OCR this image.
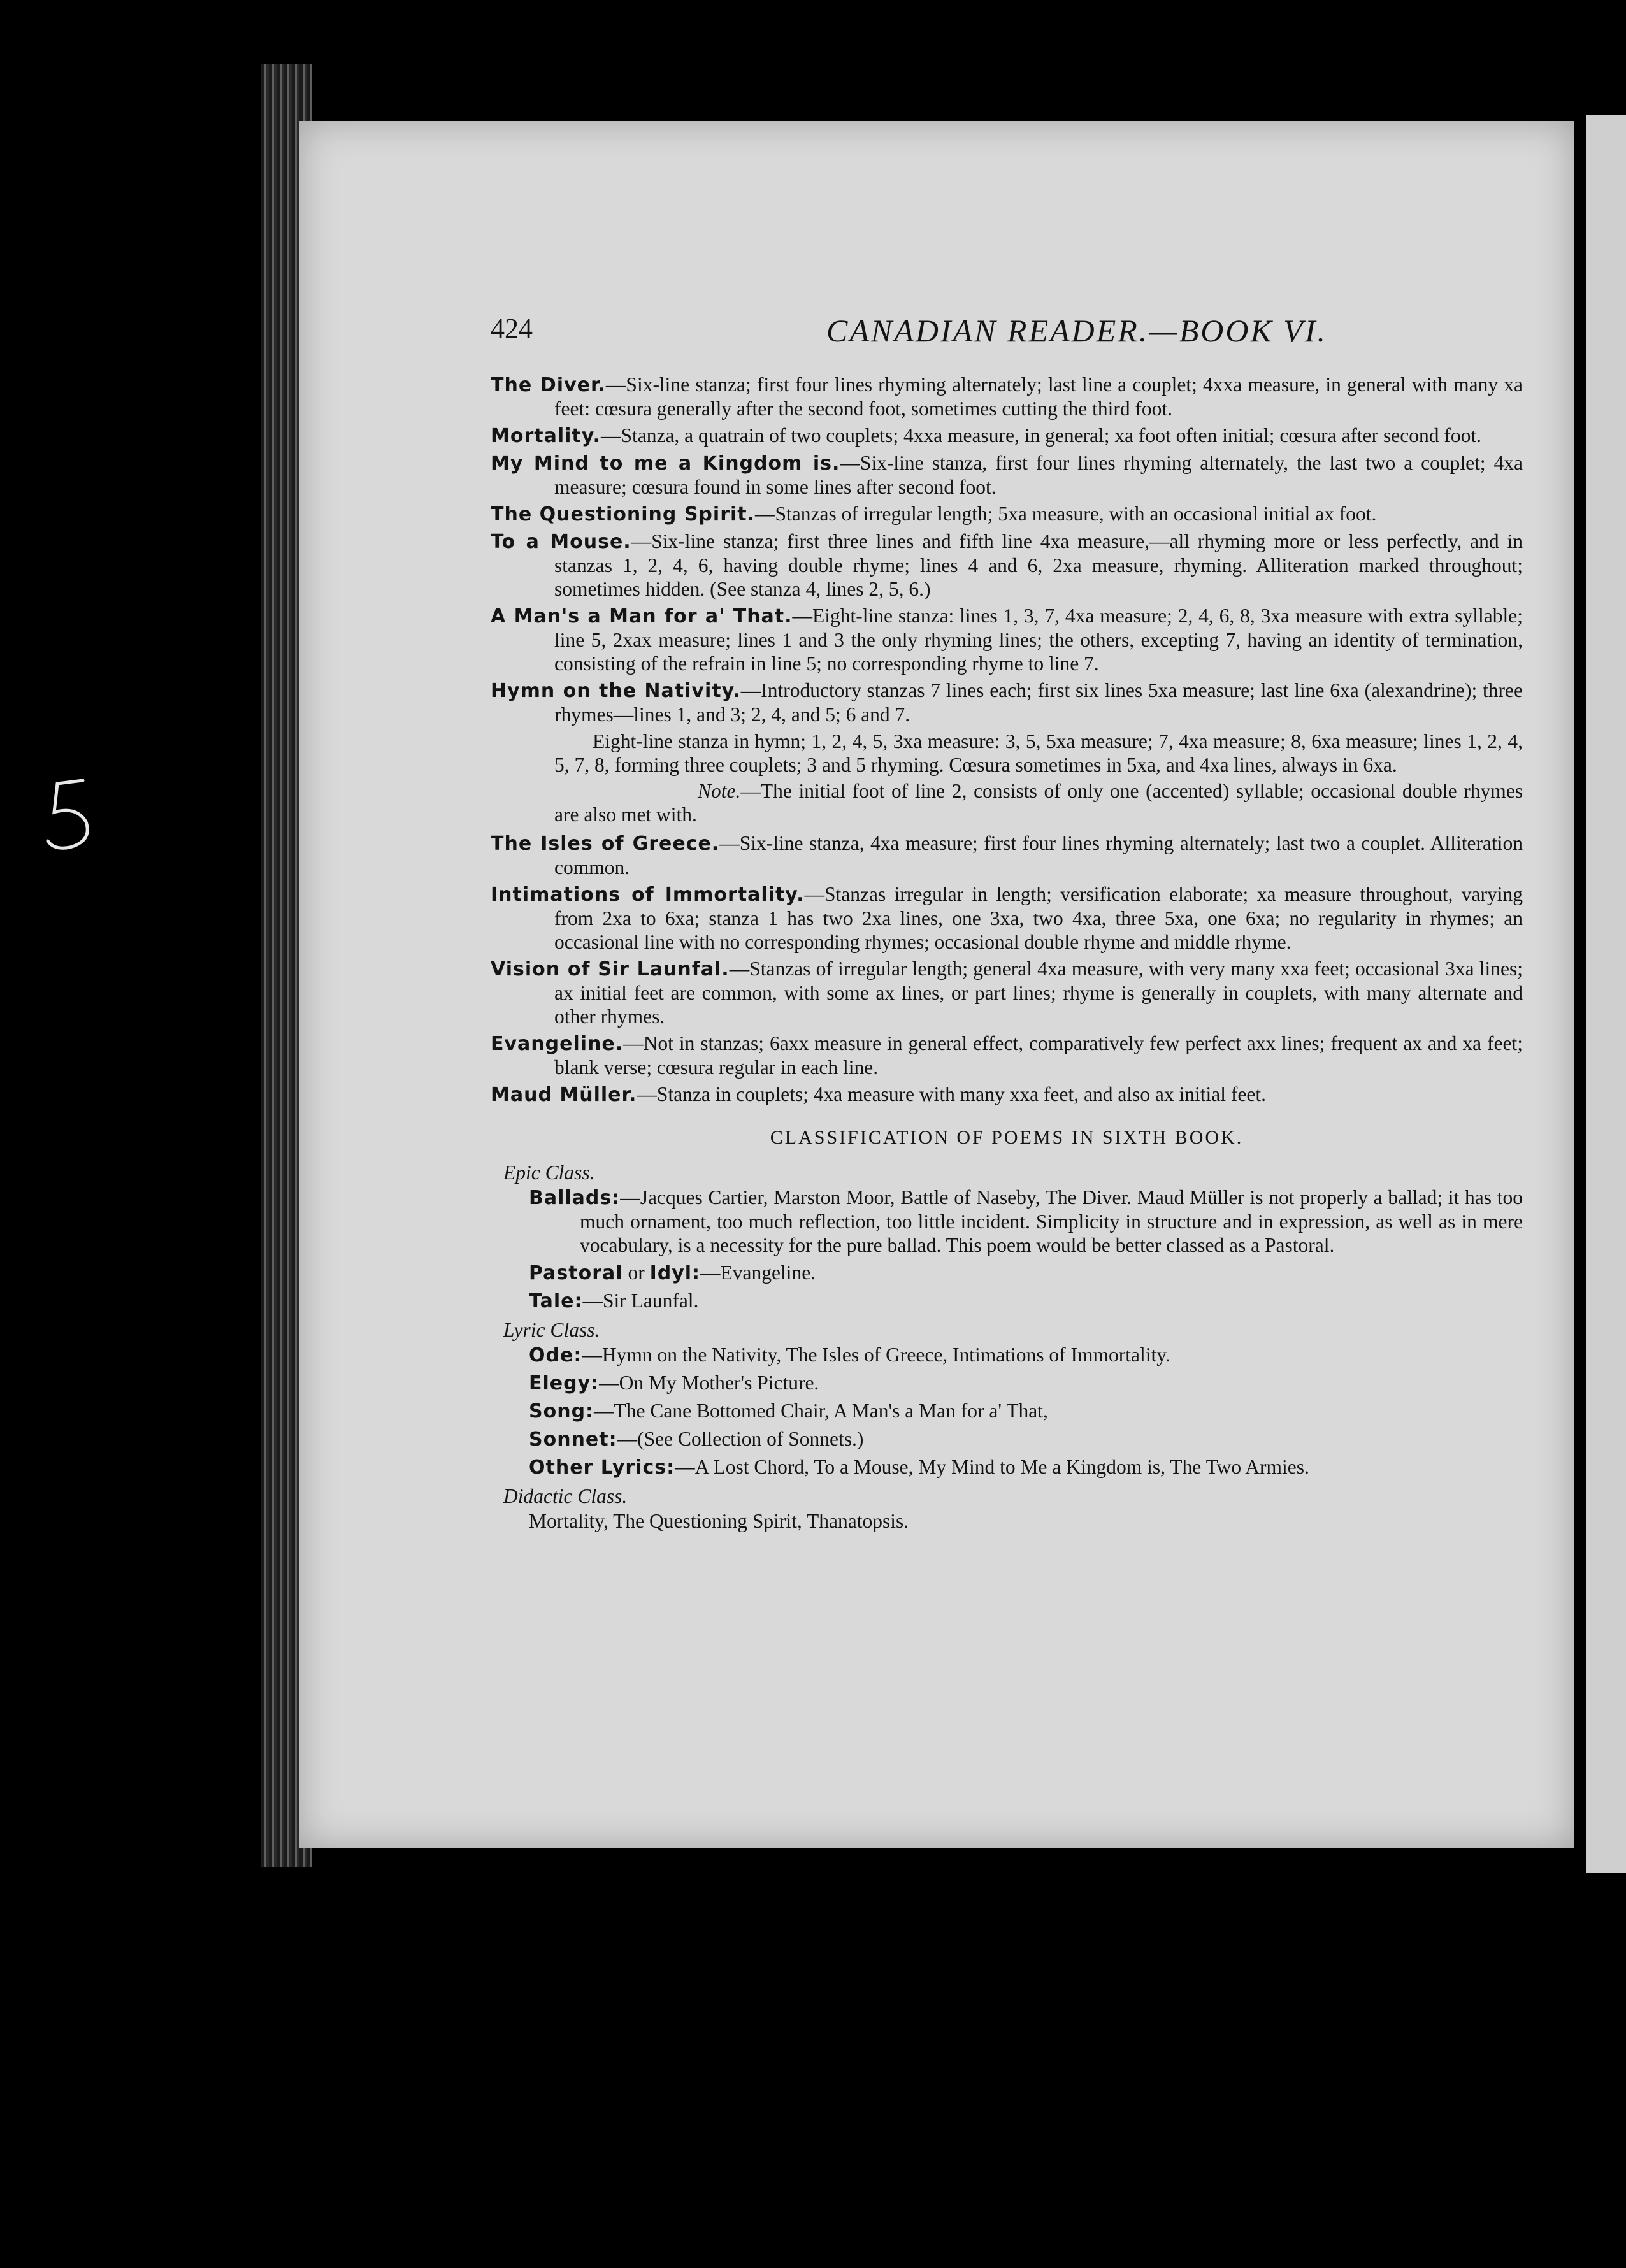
424	CANADIAN READER.—BOOK VI.

The Diver.—Six-line stanza; first four lines rhyming alternately; last line a couplet; 4xxa measure, in general with many xa feet: cœsura generally after the second foot, sometimes cutting the third foot.

Mortality.—Stanza, a quatrain of two couplets; 4xxa measure, in general; xa foot often initial; cœsura after second foot.

My Mind to me a Kingdom is.—Six-line stanza, first four lines rhyming alternately, the last two a couplet; 4xa measure; cœsura found in some lines after second foot.

The Questioning Spirit.—Stanzas of irregular length; 5xa measure, with an occasional initial ax foot.

To a Mouse.—Six-line stanza; first three lines and fifth line 4xa measure,—all rhyming more or less perfectly, and in stanzas 1, 2, 4, 6, having double rhyme; lines 4 and 6, 2xa measure, rhyming. Alliteration marked throughout; sometimes hidden. (See stanza 4, lines 2, 5, 6.)

A Man's a Man for a' That.—Eight-line stanza: lines 1, 3, 7, 4xa measure; 2, 4, 6, 8, 3xa measure with extra syllable; line 5, 2xax measure; lines 1 and 3 the only rhyming lines; the others, excepting 7, having an identity of termination, consisting of the refrain in line 5; no corresponding rhyme to line 7.

Hymn on the Nativity.—Introductory stanzas 7 lines each; first six lines 5xa measure; last line 6xa (alexandrine); three rhymes—lines 1, and 3; 2, 4, and 5; 6 and 7.

Eight-line stanza in hymn; 1, 2, 4, 5, 3xa measure: 3, 5, 5xa measure; 7, 4xa measure; 8, 6xa measure; lines 1, 2, 4, 5, 7, 8, forming three couplets; 3 and 5 rhyming. Cœsura sometimes in 5xa, and 4xa lines, always in 6xa.

Note.—The initial foot of line 2, consists of only one (accented) syllable; occasional double rhymes are also met with.

The Isles of Greece.—Six-line stanza, 4xa measure; first four lines rhyming alternately; last two a couplet. Alliteration common.

Intimations of Immortality.—Stanzas irregular in length; versification elaborate; xa measure throughout, varying from 2xa to 6xa; stanza 1 has two 2xa lines, one 3xa, two 4xa, three 5xa, one 6xa; no regularity in rhymes; an occasional line with no corresponding rhymes; occasional double rhyme and middle rhyme.

Vision of Sir Launfal.—Stanzas of irregular length; general 4xa measure, with very many xxa feet; occasional 3xa lines; ax initial feet are common, with some ax lines, or part lines; rhyme is generally in couplets, with many alternate and other rhymes.

Evangeline.—Not in stanzas; 6axx measure in general effect, comparatively few perfect axx lines; frequent ax and xa feet; blank verse; cœsura regular in each line.

Maud Müller.—Stanza in couplets; 4xa measure with many xxa feet, and also ax initial feet.

CLASSIFICATION OF POEMS IN SIXTH BOOK.
Epic Class.

Ballads:—Jacques Cartier, Marston Moor, Battle of Naseby, The Diver. Maud Müller is not properly a ballad; it has too much ornament, too much reflection, too little incident. Simplicity in structure and in expression, as well as in mere vocabulary, is a necessity for the pure ballad. This poem would be better classed as a Pastoral.

Pastoral or Idyl:—Evangeline.

Tale:—Sir Launfal.

Lyric Class.

Ode:—Hymn on the Nativity, The Isles of Greece, Intimations of Immortality.

Elegy:—On My Mother's Picture.

Song:—The Cane Bottomed Chair, A Man's a Man for a' That,

Sonnet:—(See Collection of Sonnets.)

Other Lyrics:—A Lost Chord, To a Mouse, My Mind to Me a Kingdom is, The Two Armies.

Didactic Class.

Mortality, The Questioning Spirit, Thanatopsis.
